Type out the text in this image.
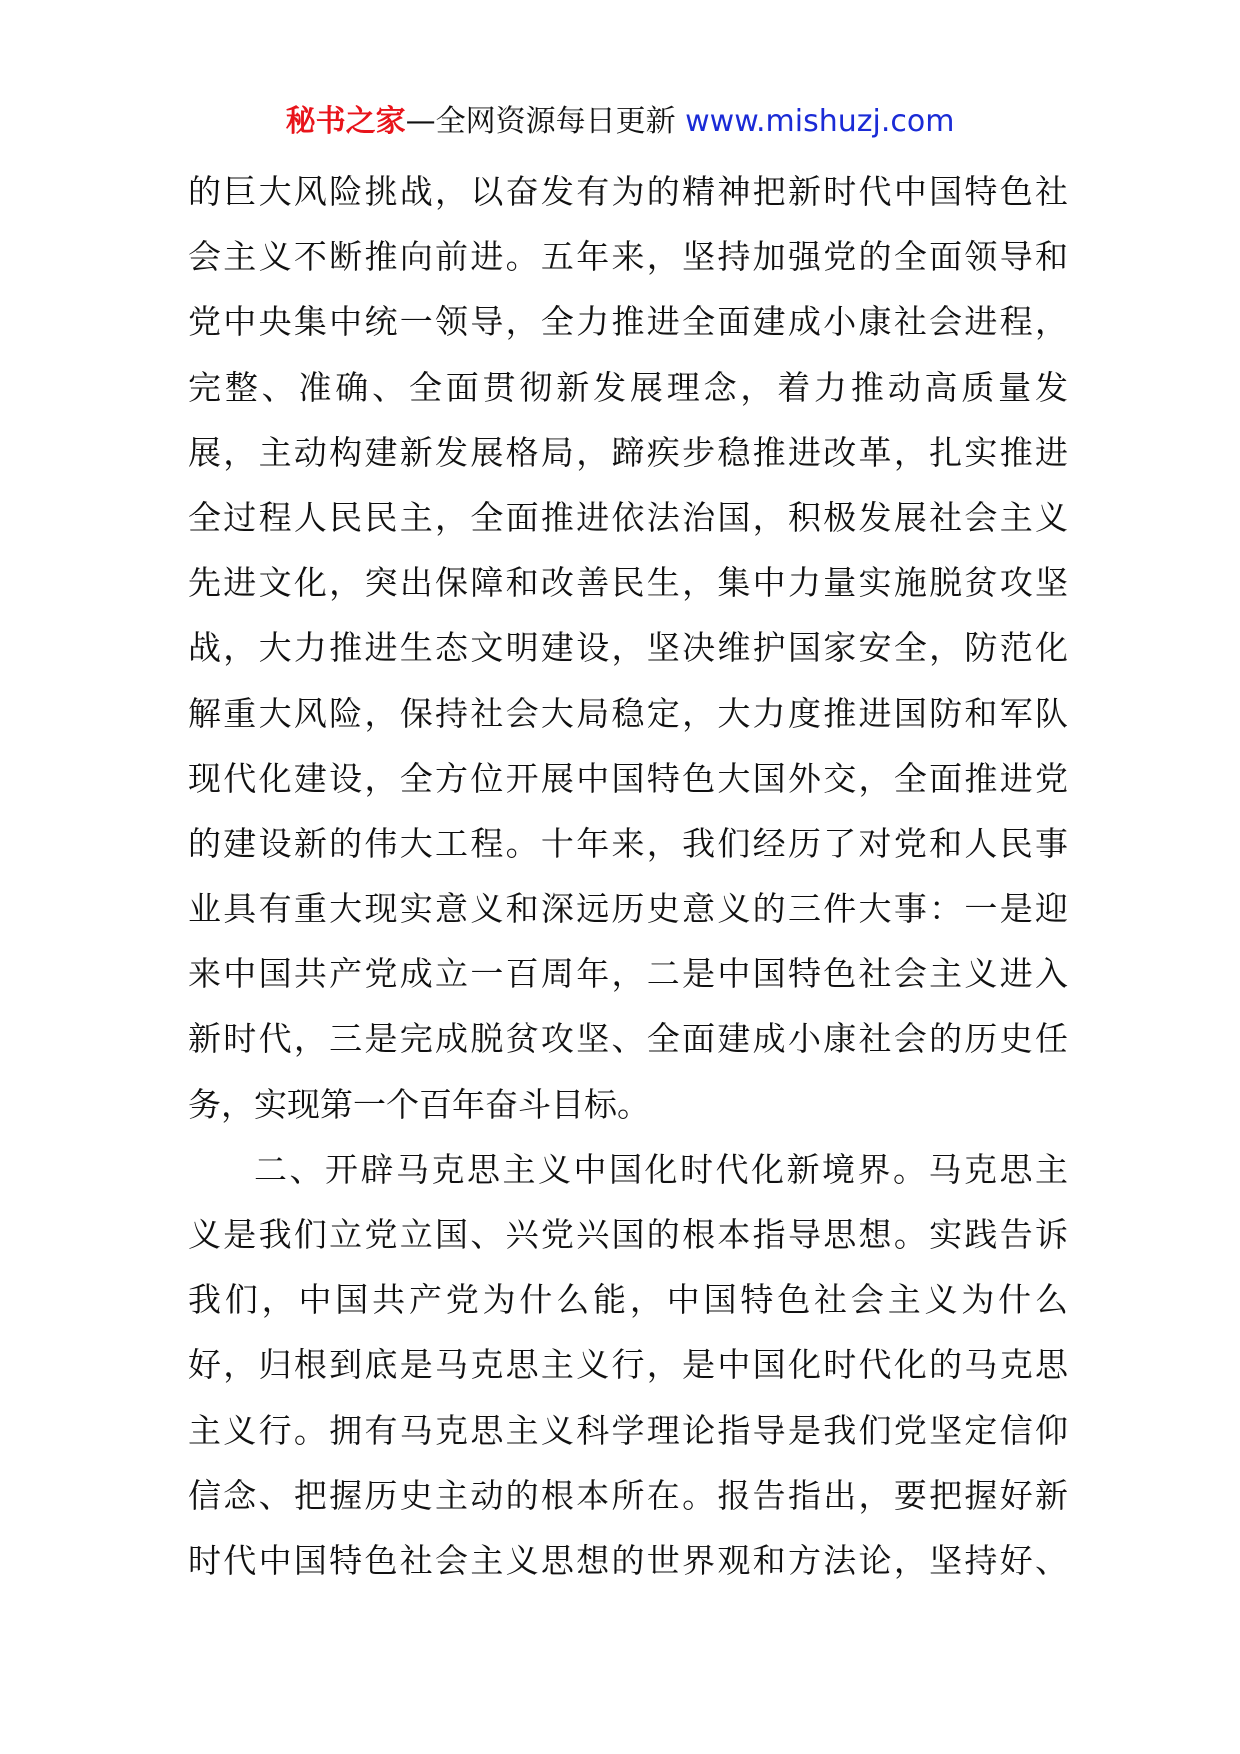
秘书之家—全网资源每日更新 www.mishuzj.com
的巨大风险挑战，以奋发有为的精神把新时代中国特色社
会主义不断推向前进。五年来，坚持加强党的全面领导和
党中央集中统一领导，全力推进全面建成小康社会进程，
完整、准确、全面贯彻新发展理念，着力推动高质量发
展，主动构建新发展格局，蹄疾步稳推进改革，扎实推进
全过程人民民主，全面推进依法治国，积极发展社会主义
先进文化，突出保障和改善民生，集中力量实施脱贫攻坚
战，大力推进生态文明建设，坚决维护国家安全，防范化
解重大风险，保持社会大局稳定，大力度推进国防和军队
现代化建设，全方位开展中国特色大国外交，全面推进党
的建设新的伟大工程。十年来，我们经历了对党和人民事
业具有重大现实意义和深远历史意义的三件大事：一是迎
来中国共产党成立一百周年，二是中国特色社会主义进入
新时代，三是完成脱贫攻坚、全面建成小康社会的历史任
务，实现第一个百年奋斗目标。
二、开辟马克思主义中国化时代化新境界。马克思主
义是我们立党立国、兴党兴国的根本指导思想。实践告诉
我们，中国共产党为什么能，中国特色社会主义为什么
好，归根到底是马克思主义行，是中国化时代化的马克思
主义行。拥有马克思主义科学理论指导是我们党坚定信仰
信念、把握历史主动的根本所在。报告指出，要把握好新
时代中国特色社会主义思想的世界观和方法论，坚持好、
